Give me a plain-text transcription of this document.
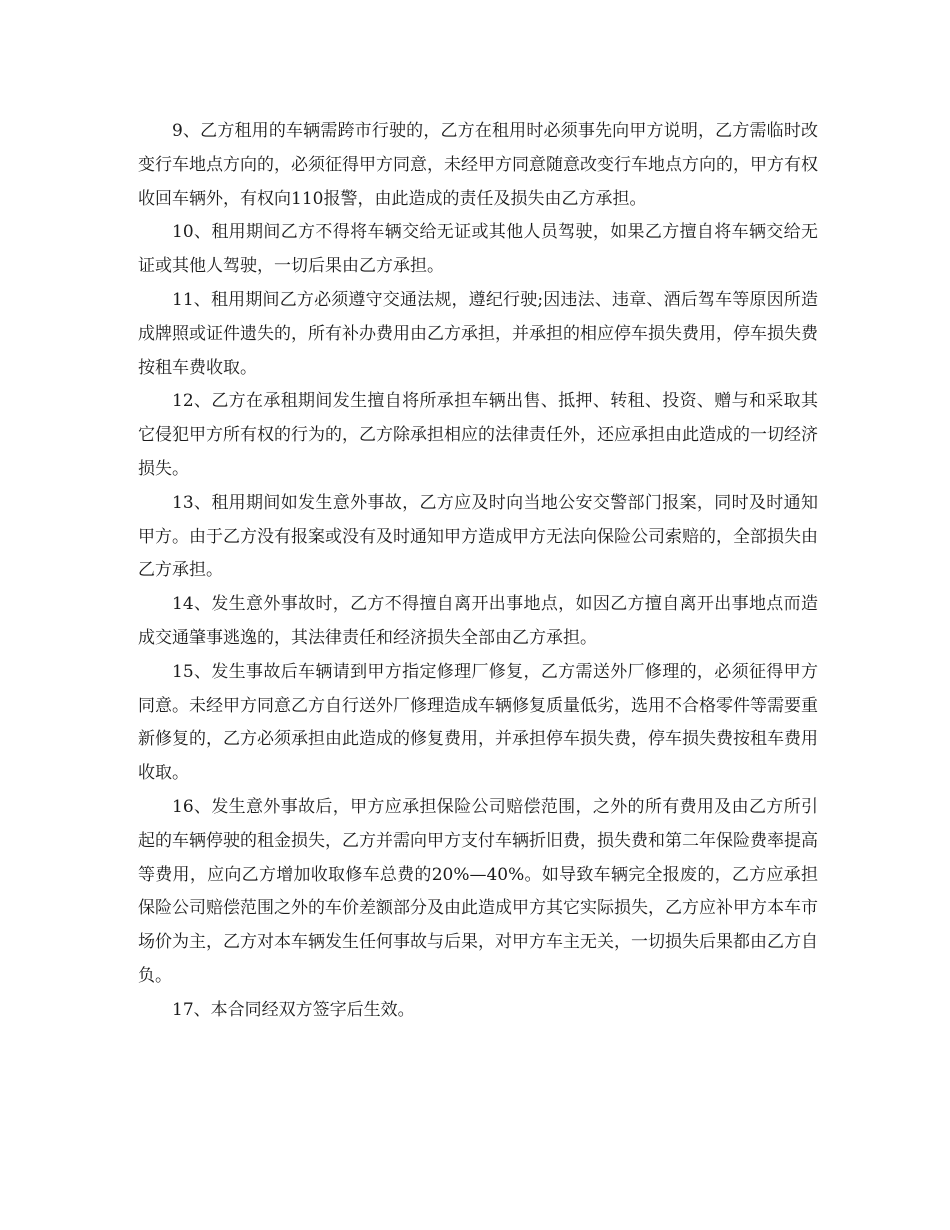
9、乙方租用的车辆需跨市行驶的，乙方在租用时必须事先向甲方说明，乙方需临时改变行车地点方向的，必须征得甲方同意，未经甲方同意随意改变行车地点方向的，甲方有权收回车辆外，有权向110报警，由此造成的责任及损失由乙方承担。

10、租用期间乙方不得将车辆交给无证或其他人员驾驶，如果乙方擅自将车辆交给无证或其他人驾驶，一切后果由乙方承担。

11、租用期间乙方必须遵守交通法规，遵纪行驶;因违法、违章、酒后驾车等原因所造成牌照或证件遗失的，所有补办费用由乙方承担，并承担的相应停车损失费用，停车损失费按租车费收取。

12、乙方在承租期间发生擅自将所承担车辆出售、抵押、转租、投资、赠与和采取其它侵犯甲方所有权的行为的，乙方除承担相应的法律责任外，还应承担由此造成的一切经济损失。

13、租用期间如发生意外事故，乙方应及时向当地公安交警部门报案，同时及时通知甲方。由于乙方没有报案或没有及时通知甲方造成甲方无法向保险公司索赔的，全部损失由乙方承担。

14、发生意外事故时，乙方不得擅自离开出事地点，如因乙方擅自离开出事地点而造成交通肇事逃逸的，其法律责任和经济损失全部由乙方承担。

15、发生事故后车辆请到甲方指定修理厂修复，乙方需送外厂修理的，必须征得甲方同意。未经甲方同意乙方自行送外厂修理造成车辆修复质量低劣，选用不合格零件等需要重新修复的，乙方必须承担由此造成的修复费用，并承担停车损失费，停车损失费按租车费用收取。

16、发生意外事故后，甲方应承担保险公司赔偿范围，之外的所有费用及由乙方所引起的车辆停驶的租金损失，乙方并需向甲方支付车辆折旧费，损失费和第二年保险费率提高等费用，应向乙方增加收取修车总费的20%—40%。如导致车辆完全报废的，乙方应承担保险公司赔偿范围之外的车价差额部分及由此造成甲方其它实际损失，乙方应补甲方本车市场价为主，乙方对本车辆发生任何事故与后果，对甲方车主无关，一切损失后果都由乙方自负。

17、本合同经双方签字后生效。
